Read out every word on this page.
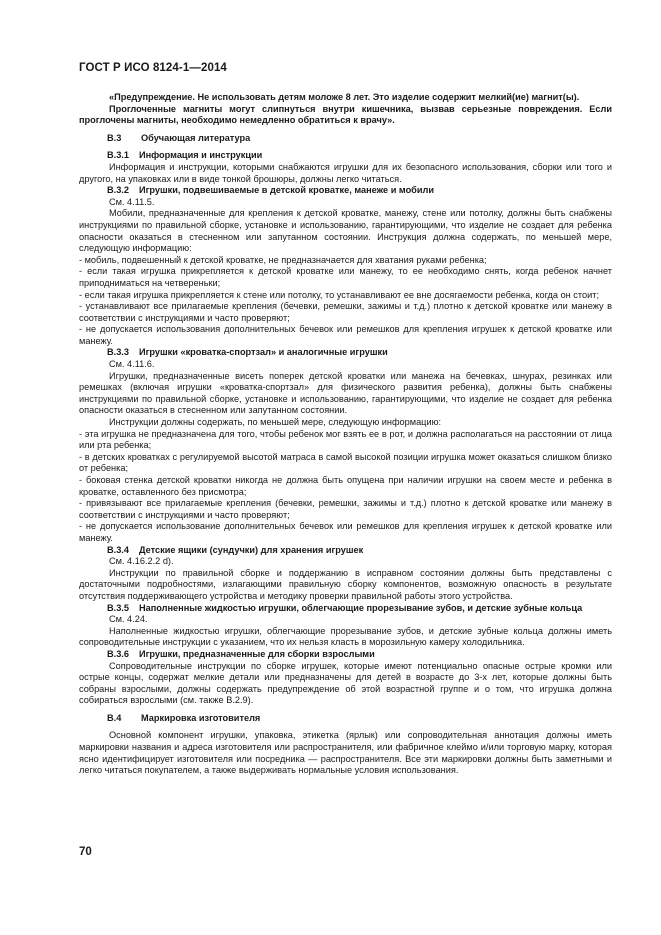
ГОСТ Р ИСО 8124-1—2014

«Предупреждение. Не использовать детям моложе 8 лет. Это изделие содержит мелкий(ие) магнит(ы).

Проглоченные магниты могут слипнуться внутри кишечника, вызвав серьезные повреждения. Если проглочены магниты, необходимо немедленно обратиться к врачу».

B.3 Обучающая литература
B.3.1 Информация и инструкции

Информация и инструкции, которыми снабжаются игрушки для их безопасного использования, сборки или того и другого, на упаковках или в виде тонкой брошюры, должны легко читаться.

B.3.2 Игрушки, подвешиваемые в детской кроватке, манеже и мобили

См. 4.11.5.

Мобили, предназначенные для крепления к детской кроватке, манежу, стене или потолку, должны быть снабжены инструкциями по правильной сборке, установке и использованию, гарантирующими, что изделие не создает для ребенка опасности оказаться в стесненном или запутанном состоянии. Инструкция должна содержать, по меньшей мере, следующую информацию:

- мобиль, подвешенный к детской кроватке, не предназначается для хватания руками ребенка;

- если такая игрушка прикрепляется к детской кроватке или манежу, то ее необходимо снять, когда ребенок начнет приподниматься на четвереньки;

- если такая игрушка прикрепляется к стене или потолку, то устанавливают ее вне досягаемости ребенка, когда он стоит;

- устанавливают все прилагаемые крепления (бечевки, ремешки, зажимы и т.д.) плотно к детской кроватке или манежу в соответствии с инструкциями и часто проверяют;

- не допускается использования дополнительных бечевок или ремешков для крепления игрушек к детской кроватке или манежу.

B.3.3 Игрушки «кроватка-спортзал» и аналогичные игрушки

См. 4.11.6.

Игрушки, предназначенные висеть поперек детской кроватки или манежа на бечевках, шнурах, резинках или ремешках (включая игрушки «кроватка-спортзал» для физического развития ребенка), должны быть снабжены инструкциями по правильной сборке, установке и использованию, гарантирующими, что изделие не создает для ребенка опасности оказаться в стесненном или запутанном состоянии.

Инструкции должны содержать, по меньшей мере, следующую информацию:

- эта игрушка не предназначена для того, чтобы ребенок мог взять ее в рот, и должна располагаться на расстоянии от лица или рта ребенка;

- в детских кроватках с регулируемой высотой матраса в самой высокой позиции игрушка может оказаться слишком близко от ребенка;

- боковая стенка детской кроватки никогда не должна быть опущена при наличии игрушки на своем месте и ребенка в кроватке, оставленного без присмотра;

- привязывают все прилагаемые крепления (бечевки, ремешки, зажимы и т.д.) плотно к детской кроватке или манежу в соответствии с инструкциями и часто проверяют;

- не допускается использование дополнительных бечевок или ремешков для крепления игрушек к детской кроватке или манежу.

B.3.4 Детские ящики (сундучки) для хранения игрушек

См. 4.16.2.2 d).

Инструкции по правильной сборке и поддержанию в исправном состоянии должны быть представлены с достаточными подробностями, излагающими правильную сборку компонентов, возможную опасность в результате отсутствия поддерживающего устройства и методику проверки правильной работы этого устройства.

B.3.5 Наполненные жидкостью игрушки, облегчающие прорезывание зубов, и детские зубные кольца

См. 4.24.

Наполненные жидкостью игрушки, облегчающие прорезывание зубов, и детские зубные кольца должны иметь сопроводительные инструкции с указанием, что их нельзя класть в морозильную камеру холодильника.

B.3.6 Игрушки, предназначенные для сборки взрослыми

Сопроводительные инструкции по сборке игрушек, которые имеют потенциально опасные острые кромки или острые концы, содержат мелкие детали или предназначены для детей в возрасте до 3-х лет, которые должны быть собраны взрослыми, должны содержать предупреждение об этой возрастной группе и о том, что игрушка должна собираться взрослыми (см. также B.2.9).

B.4 Маркировка изготовителя

Основной компонент игрушки, упаковка, этикетка (ярлык) или сопроводительная аннотация должны иметь маркировки названия и адреса изготовителя или распространителя, или фабричное клеймо и/или торговую марку, которая ясно идентифицирует изготовителя или посредника — распространителя. Все эти маркировки должны быть заметными и легко читаться покупателем, а также выдерживать нормальные условия использования.

70
